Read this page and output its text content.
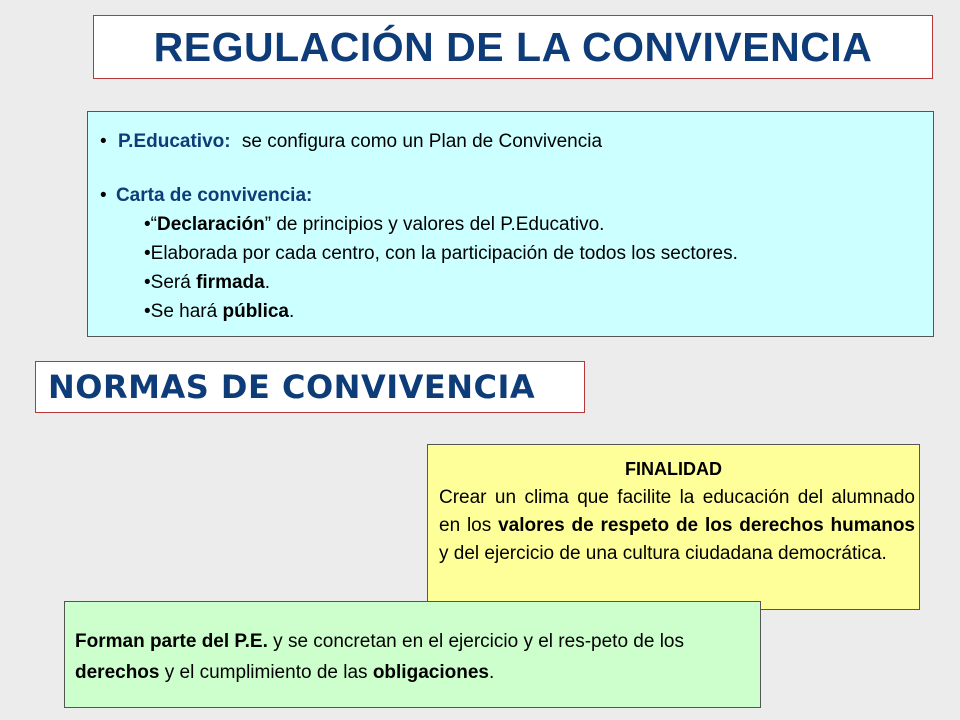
REGULACIÓN DE LA CONVIVENCIA
• P.Educativo: se configura como un Plan de Convivencia
• Carta de convivencia:
•“Declaración” de principios y valores del P.Educativo.
•Elaborada por cada centro, con la participación de todos los sectores.
•Será firmada.
•Se hará pública.
NORMAS DE CONVIVENCIA
FINALIDAD
Crear un clima que facilite la educación del alumnado en los valores de respeto de los derechos humanos y del ejercicio de una cultura ciudadana democrática.
Forman parte del P.E. y se concretan en el ejercicio y el res-peto de los derechos y el cumplimiento de las obligaciones.
